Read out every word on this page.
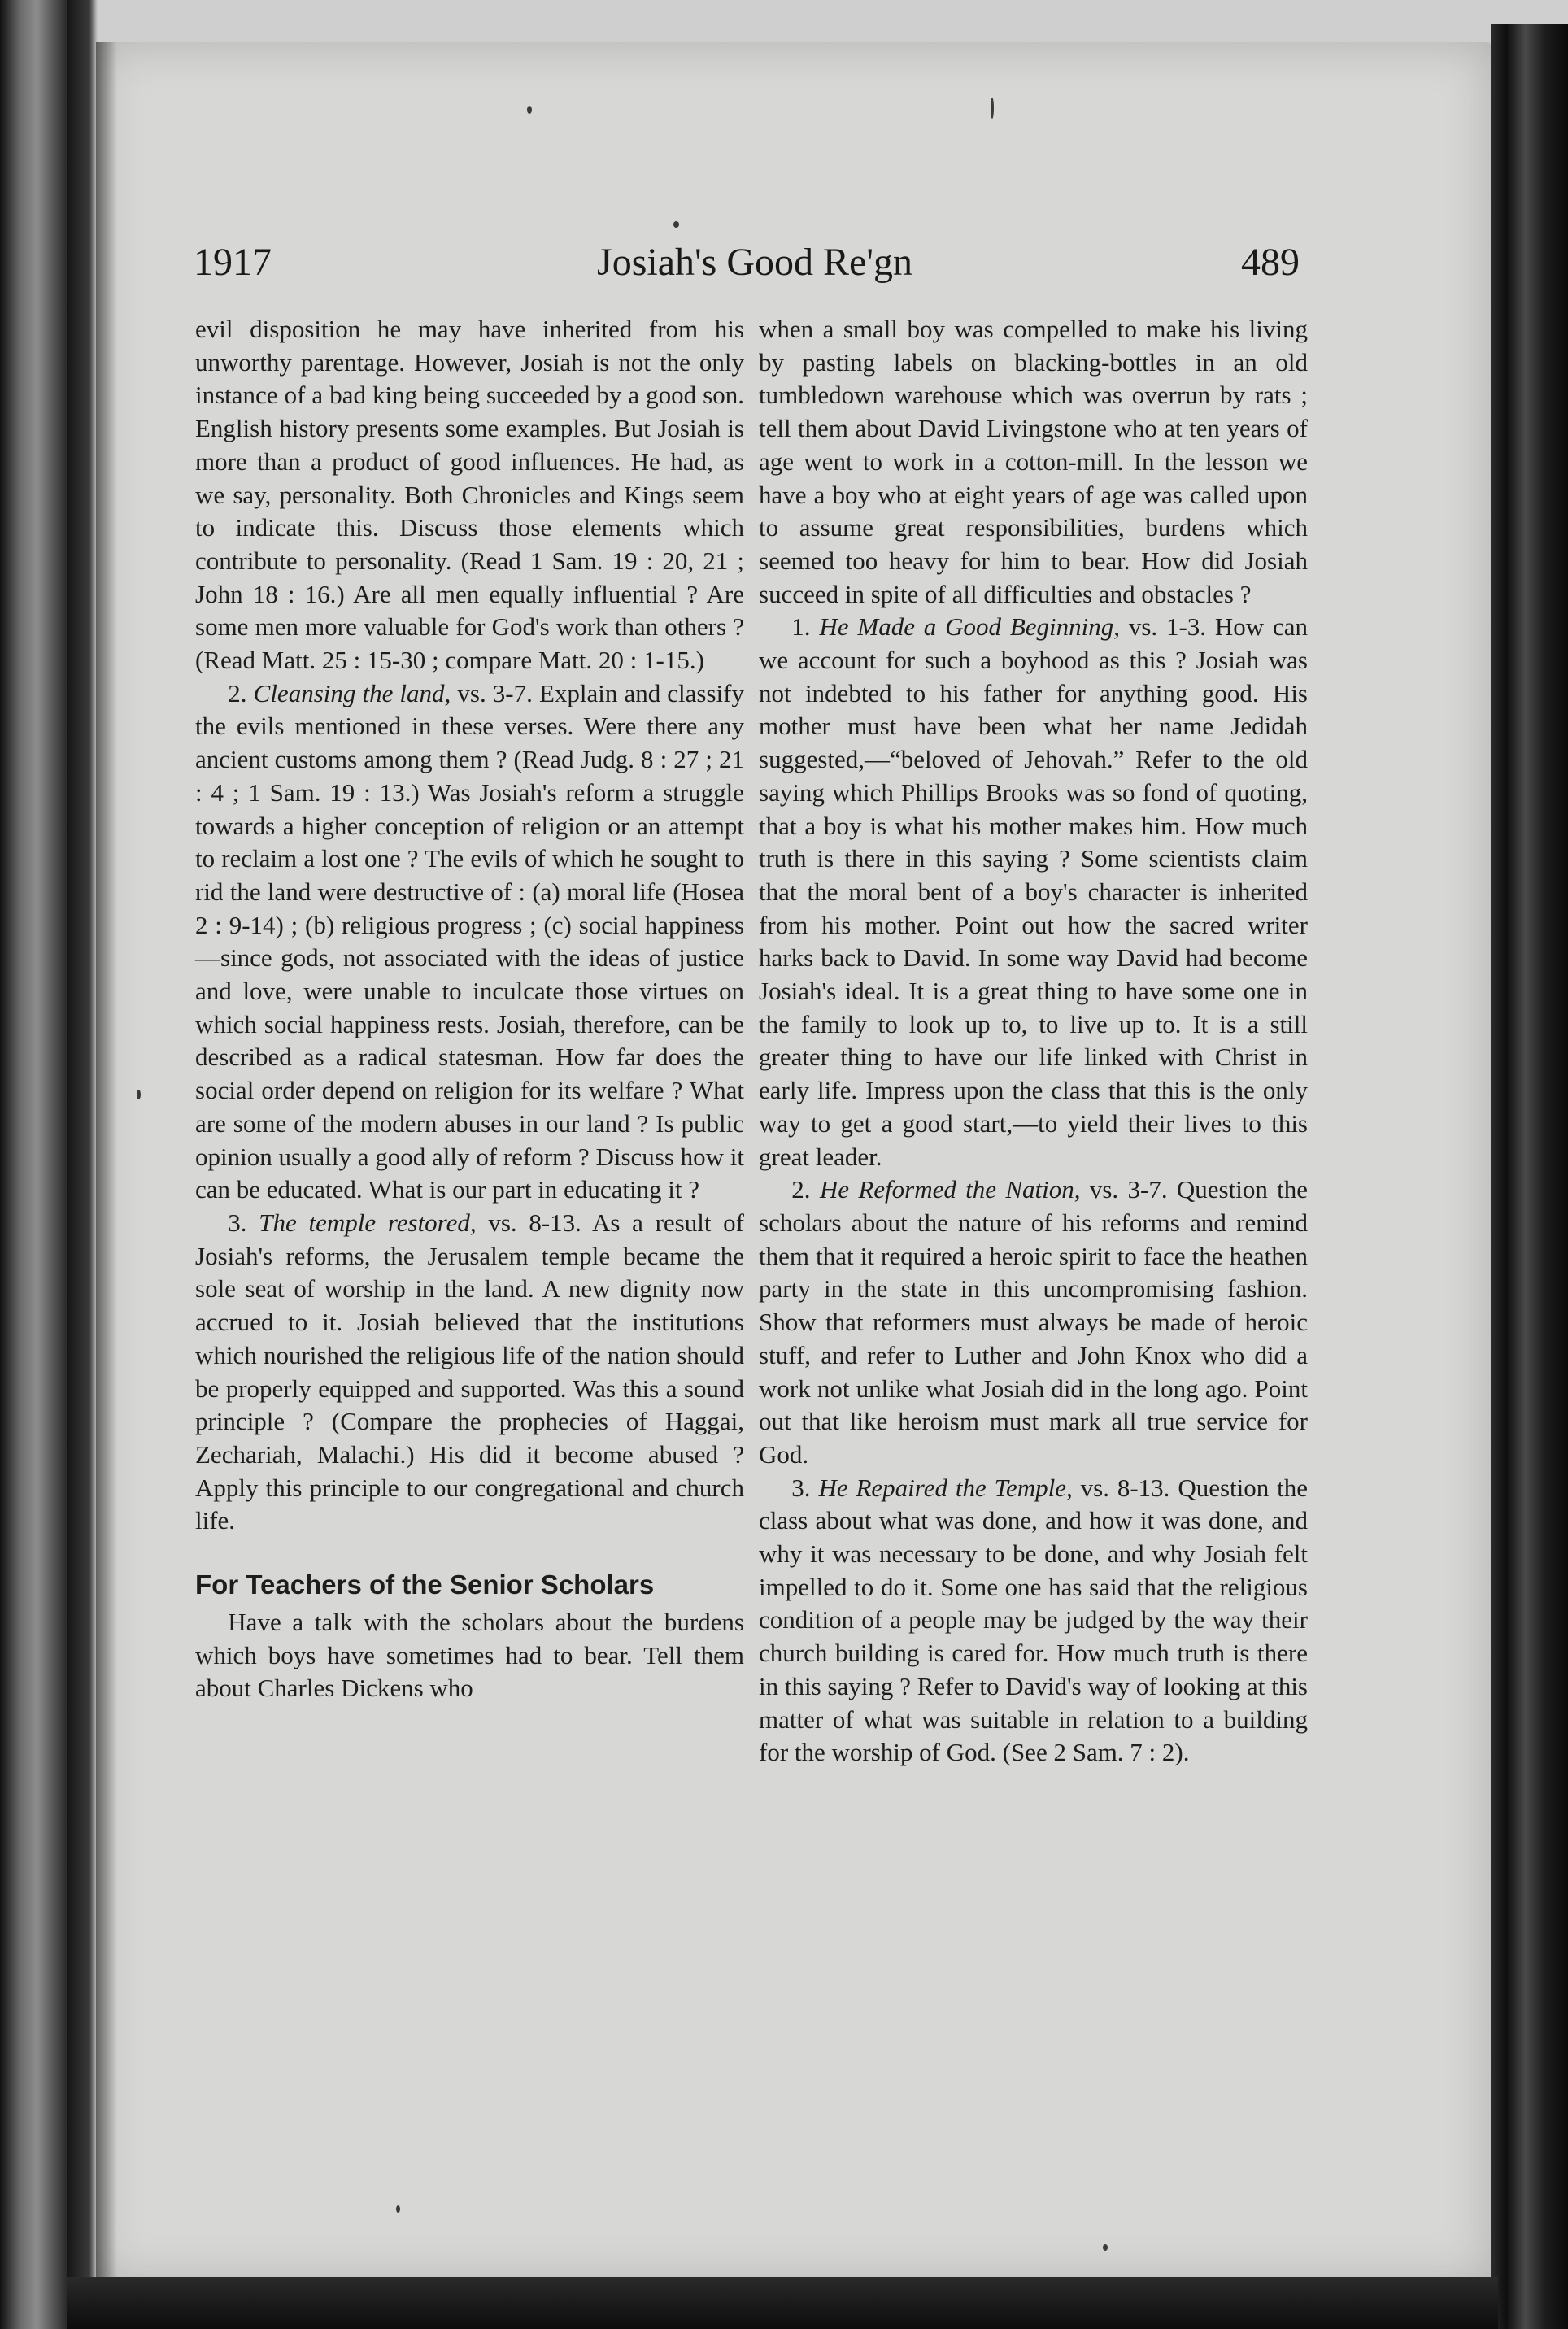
1917	Josiah's Good Re'gn	489

evil disposition he may have inherited from his unworthy parentage. However, Josiah is not the only instance of a bad king being succeeded by a good son. English history presents some examples. But Josiah is more than a product of good influences. He had, as we say, personality. Both Chronicles and Kings seem to indicate this. Discuss those elements which contribute to personality. (Read 1 Sam. 19 : 20, 21 ; John 18 : 16.) Are all men equally influential ? Are some men more valuable for God's work than others ? (Read Matt. 25 : 15-30 ; compare Matt. 20 : 1-15.)

2. Cleansing the land, vs. 3-7. Explain and classify the evils mentioned in these verses. Were there any ancient customs among them ? (Read Judg. 8 : 27 ; 21 : 4 ; 1 Sam. 19 : 13.) Was Josiah's reform a struggle towards a higher conception of religion or an attempt to reclaim a lost one ? The evils of which he sought to rid the land were destructive of : (a) moral life (Hosea 2 : 9-14) ; (b) religious progress ; (c) social happiness—since gods, not associated with the ideas of justice and love, were unable to inculcate those virtues on which social happiness rests. Josiah, therefore, can be described as a radical statesman. How far does the social order depend on religion for its welfare ? What are some of the modern abuses in our land ? Is public opinion usually a good ally of reform ? Discuss how it can be educated. What is our part in educating it ?

3. The temple restored, vs. 8-13. As a result of Josiah's reforms, the Jerusalem temple became the sole seat of worship in the land. A new dignity now accrued to it. Josiah believed that the institutions which nourished the religious life of the nation should be properly equipped and supported. Was this a sound principle ? (Compare the prophecies of Haggai, Zechariah, Malachi.) His did it become abused ? Apply this principle to our congregational and church life.

For Teachers of the Senior Scholars

Have a talk with the scholars about the burdens which boys have sometimes had to bear. Tell them about Charles Dickens who

when a small boy was compelled to make his living by pasting labels on blacking-bottles in an old tumbledown warehouse which was overrun by rats ; tell them about David Livingstone who at ten years of age went to work in a cotton-mill. In the lesson we have a boy who at eight years of age was called upon to assume great responsibilities, burdens which seemed too heavy for him to bear. How did Josiah succeed in spite of all difficulties and obstacles ?

1. He Made a Good Beginning, vs. 1-3. How can we account for such a boyhood as this ? Josiah was not indebted to his father for anything good. His mother must have been what her name Jedidah suggested,—“beloved of Jehovah.” Refer to the old saying which Phillips Brooks was so fond of quoting, that a boy is what his mother makes him. How much truth is there in this saying ? Some scientists claim that the moral bent of a boy's character is inherited from his mother. Point out how the sacred writer harks back to David. In some way David had become Josiah's ideal. It is a great thing to have some one in the family to look up to, to live up to. It is a still greater thing to have our life linked with Christ in early life. Impress upon the class that this is the only way to get a good start,—to yield their lives to this great leader.

2. He Reformed the Nation, vs. 3-7. Question the scholars about the nature of his reforms and remind them that it required a heroic spirit to face the heathen party in the state in this uncompromising fashion. Show that reformers must always be made of heroic stuff, and refer to Luther and John Knox who did a work not unlike what Josiah did in the long ago. Point out that like heroism must mark all true service for God.

3. He Repaired the Temple, vs. 8-13. Question the class about what was done, and how it was done, and why it was necessary to be done, and why Josiah felt impelled to do it. Some one has said that the religious condition of a people may be judged by the way their church building is cared for. How much truth is there in this saying ? Refer to David's way of looking at this matter of what was suitable in relation to a building for the worship of God. (See 2 Sam. 7 : 2).
